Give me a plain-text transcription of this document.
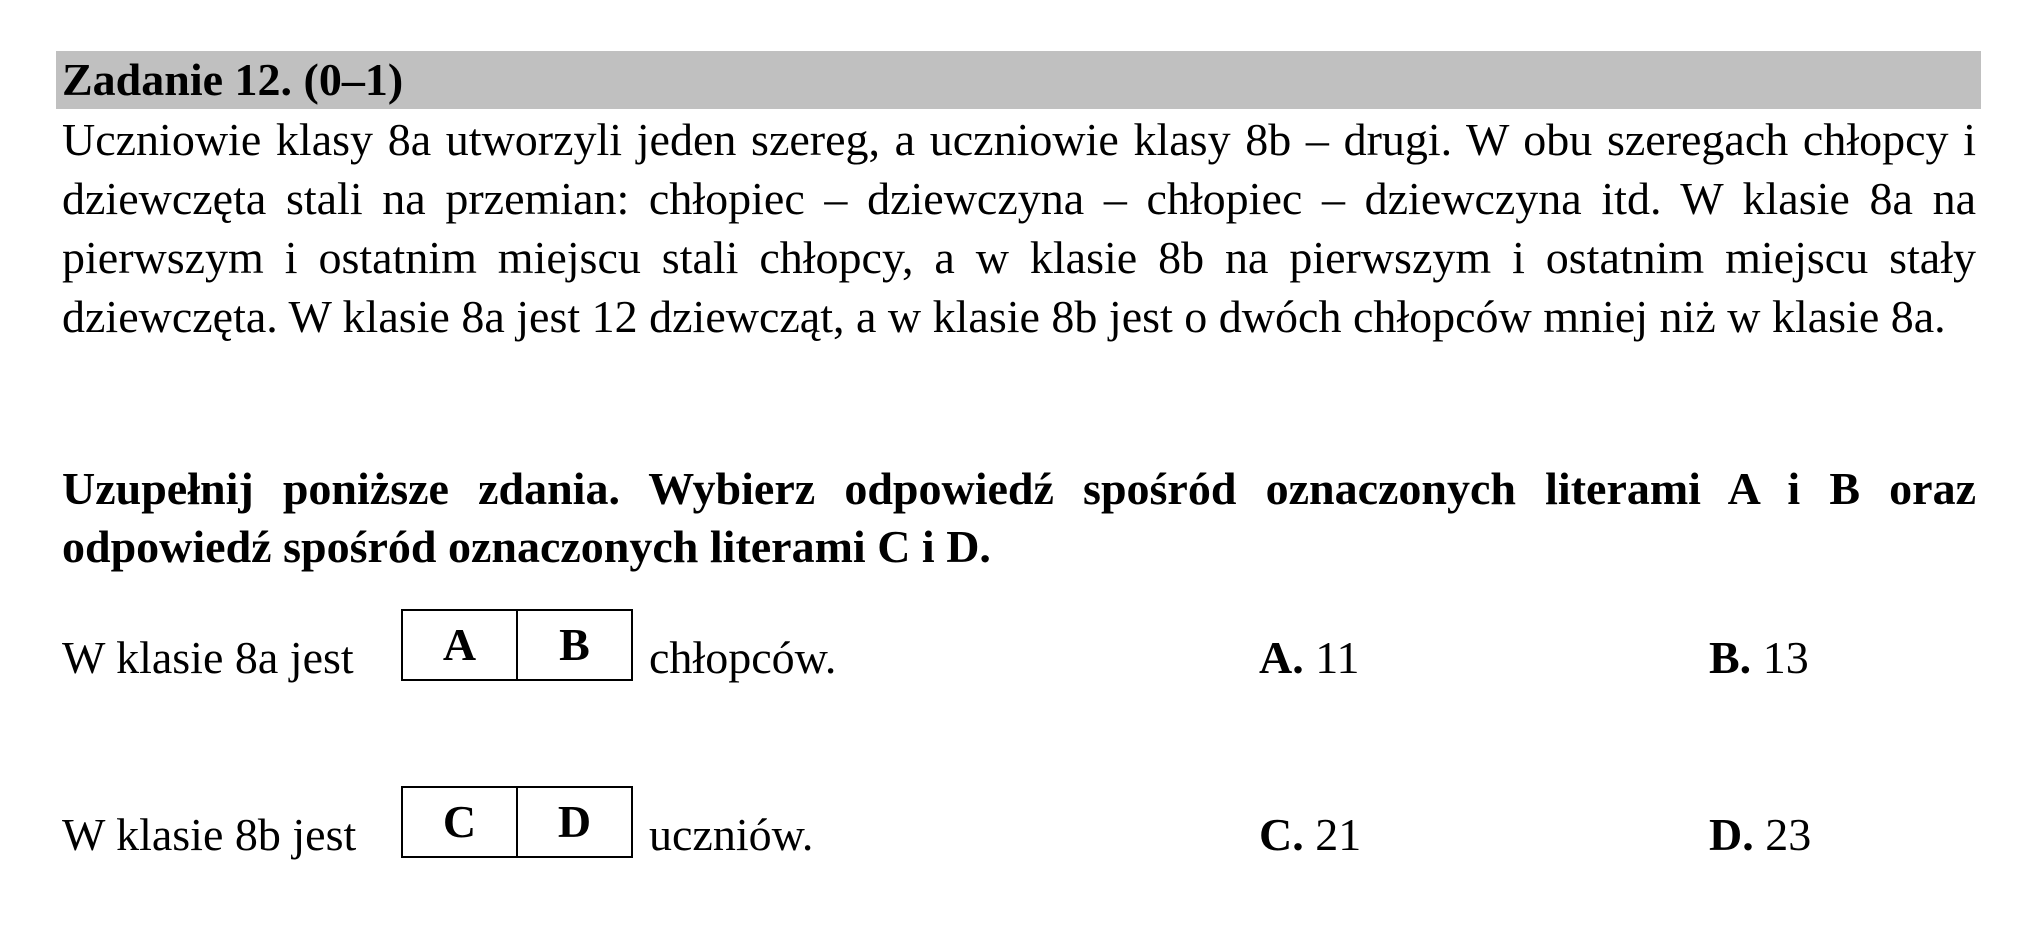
Zadanie 12. (0–1)
Uczniowie klasy 8a utworzyli jeden szereg, a uczniowie klasy 8b – drugi. W obu szeregach chłopcy i dziewczęta stali na przemian: chłopiec – dziewczyna – chłopiec – dziewczyna itd. W klasie 8a na pierwszym i ostatnim miejscu stali chłopcy, a w klasie 8b na pierwszym i ostatnim miejscu stały dziewczęta. W klasie 8a jest 12 dziewcząt, a w klasie 8b jest o dwóch chłopców mniej niż w klasie 8a.
Uzupełnij poniższe zdania. Wybierz odpowiedź spośród oznaczonych literami A i B oraz odpowiedź spośród oznaczonych literami C i D.
W klasie 8a jest	A	B	chłopców.	A. 11	B. 13
W klasie 8b jest	C	D	uczniów.	C. 21	D. 23
